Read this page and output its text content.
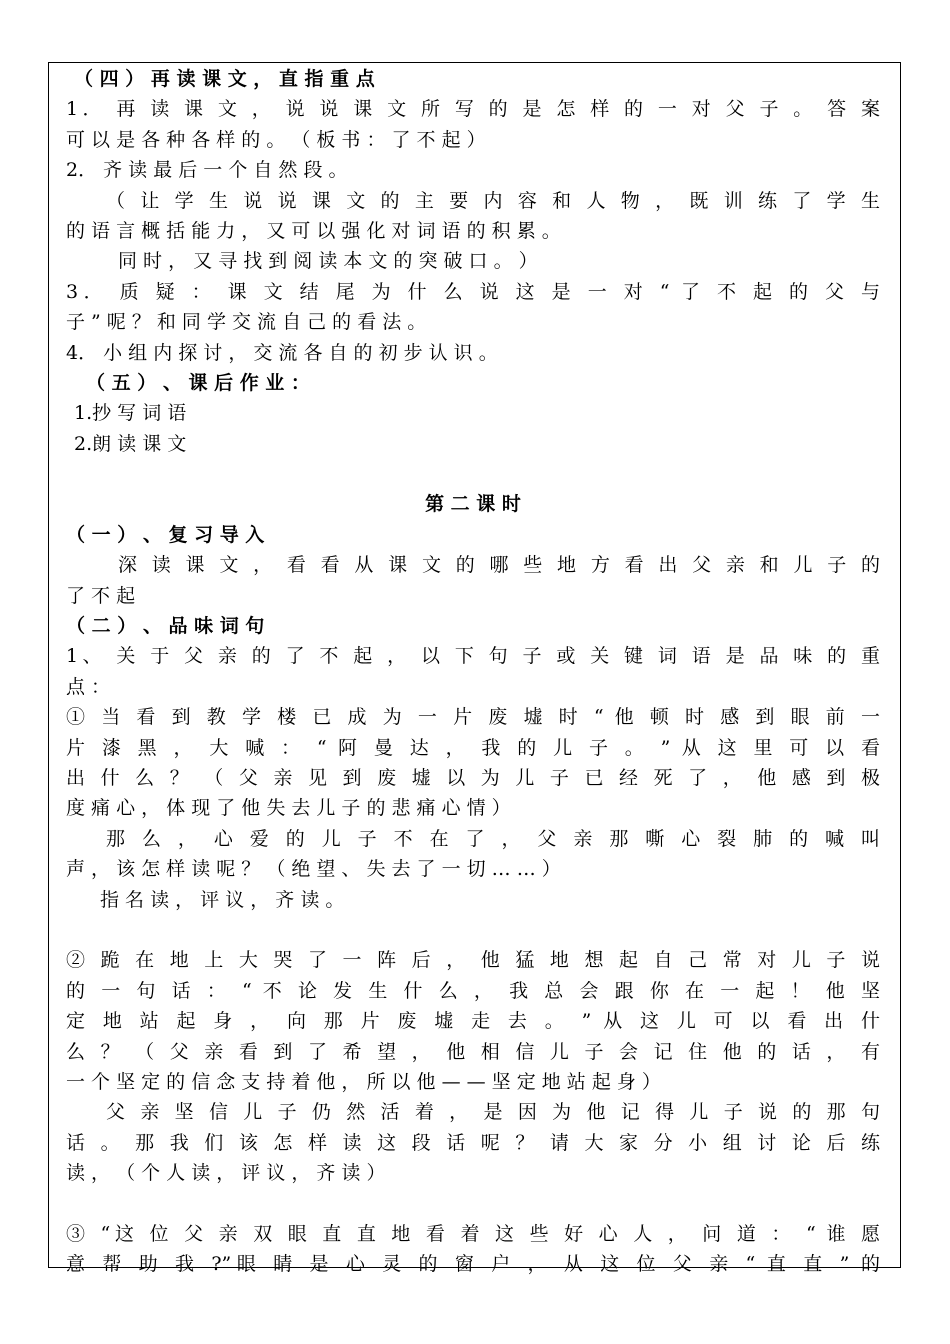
（ 四 ） 再 读 课 文 ， 直 指 重 点
1． 再 读 课 文 ， 说 说 课 文 所 写 的 是 怎 样 的 一 对 父 子 。 答 案
可 以 是 各 种 各 样 的 。 （ 板 书 ： 了 不 起 ）
2． 齐 读 最 后 一 个 自 然 段 。
（ 让 学 生 说 说 课 文 的 主 要 内 容 和 人 物 ， 既 训 练 了 学 生
的 语 言 概 括 能 力 ， 又 可 以 强 化 对 词 语 的 积 累 。
同 时 ， 又 寻 找 到 阅 读 本 文 的 突 破 口 。 ）
3． 质 疑 ： 课 文 结 尾 为 什 么 说 这 是 一 对 “ 了 不 起 的 父 与
子 ” 呢 ？ 和 同 学 交 流 自 己 的 看 法 。
4． 小 组 内 探 讨 ， 交 流 各 自 的 初 步 认 识 。
（ 五 ） 、 课 后 作 业 ：
1.抄 写 词 语
2.朗 读 课 文
第 二 课 时
（ 一 ） 、 复 习 导 入
深 读 课 文 ， 看 看 从 课 文 的 哪 些 地 方 看 出 父 亲 和 儿 子 的
了 不 起
（ 二 ） 、 品 味 词 句
1、 关 于 父 亲 的 了 不 起 ， 以 下 句 子 或 关 键 词 语 是 品 味 的 重
点 ：
① 当 看 到 教 学 楼 已 成 为 一 片 废 墟 时 “ 他 顿 时 感 到 眼 前 一
片 漆 黑 ， 大 喊 ： “ 阿 曼 达 ， 我 的 儿 子 。 ” 从 这 里 可 以 看
出 什 么 ？ （ 父 亲 见 到 废 墟 以 为 儿 子 已 经 死 了 ， 他 感 到 极
度 痛 心 ， 体 现 了 他 失 去 儿 子 的 悲 痛 心 情 ）
那 么 ， 心 爱 的 儿 子 不 在 了 ， 父 亲 那 嘶 心 裂 肺 的 喊 叫
声 ， 该 怎 样 读 呢 ？ （ 绝 望 、 失 去 了 一 切 … … ）
指 名 读 ， 评 议 ， 齐 读 。
② 跪 在 地 上 大 哭 了 一 阵 后 ， 他 猛 地 想 起 自 己 常 对 儿 子 说
的 一 句 话 ： “ 不 论 发 生 什 么 ， 我 总 会 跟 你 在 一 起 ！ 他 坚
定 地 站 起 身 ， 向 那 片 废 墟 走 去 。 ” 从 这 儿 可 以 看 出 什
么 ？ （ 父 亲 看 到 了 希 望 ， 他 相 信 儿 子 会 记 住 他 的 话 ， 有
一 个 坚 定 的 信 念 支 持 着 他 ， 所 以 他 — — 坚 定 地 站 起 身 ）
父 亲 坚 信 儿 子 仍 然 活 着 ， 是 因 为 他 记 得 儿 子 说 的 那 句
话 。 那 我 们 该 怎 样 读 这 段 话 呢 ？ 请 大 家 分 小 组 讨 论 后 练
读 ， （ 个 人 读 ， 评 议 ， 齐 读 ）
③ “这 位 父 亲 双 眼 直 直 地 看 着 这 些 好 心 人 ， 问 道 ： “ 谁 愿
意 帮 助 我 ?”眼 睛 是 心 灵 的 窗 户 ， 从 这 位 父 亲 “ 直 直 ” 的
